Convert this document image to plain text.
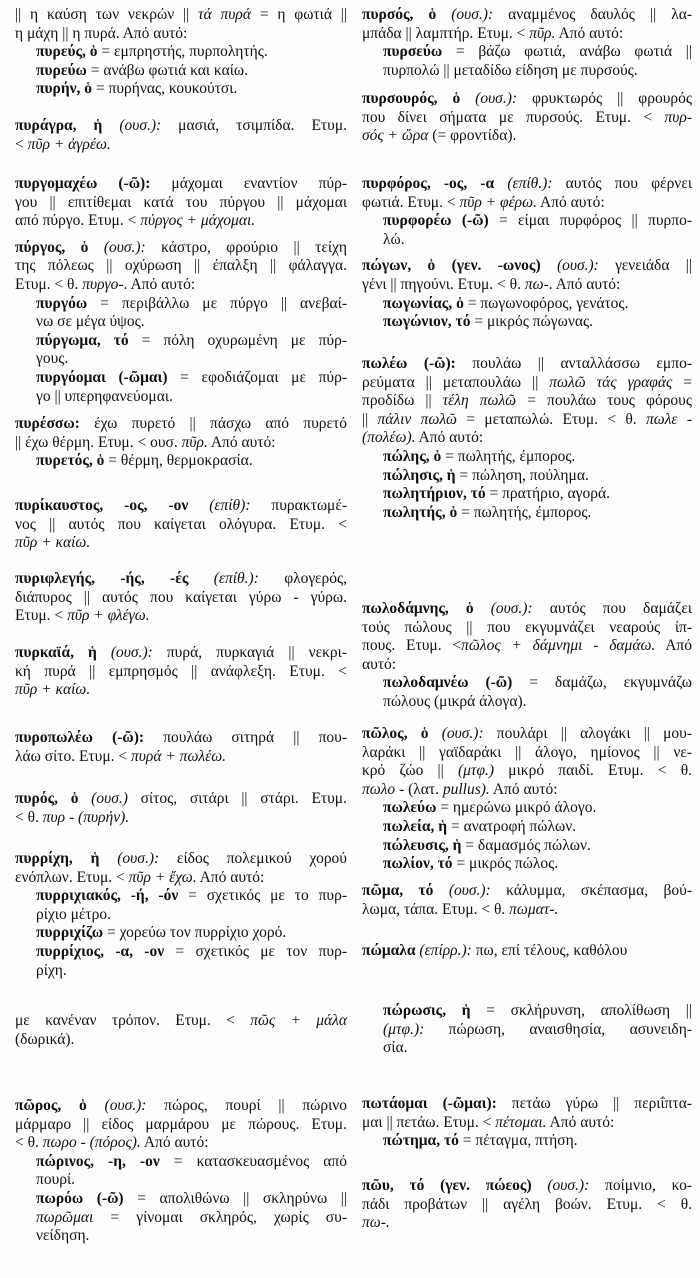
|| η καύση των νεκρών || τά πυρά = η φωτιά ||
η μάχη || η πυρά. Από αυτό:
πυρεύς, ὁ = εμπρηστής, πυρπολητής.
πυρεύω = ανάβω φωτιά και καίω.
πυρήν, ὁ = πυρήνας, κουκούτσι.
πυράγρα, ἡ (ουσ.): μασιά, τσιμπίδα. Ετυμ.
< πῦρ + ἀγρέω.
πυργομαχέω (-ῶ): μάχομαι εναντίον πύρ-
γου || επιτίθεμαι κατά του πύργου || μάχομαι
από πύργο. Ετυμ. < πύργος + μάχομαι.
πύργος, ὁ (ουσ.): κάστρο, φρούριο || τείχη
της πόλεως || οχύρωση || έπαλξη || φάλαγγα.
Ετυμ. < θ. πυργο-. Από αυτό:
πυργόω = περιβάλλω με πύργο || ανεβαί-
νω σε μέγα ύψος.
πύργωμα, τό = πόλη οχυρωμένη με πύρ-
γους.
πυργόομαι (-ῶμαι) = εφοδιάζομαι με πύρ-
γο || υπερηφανεύομαι.
πυρέσσω: έχω πυρετό || πάσχω από πυρετό
|| έχω θέρμη. Ετυμ. < ουσ. πῦρ. Από αυτό:
πυρετός, ὁ = θέρμη, θερμοκρασία.
πυρίκαυστος, -ος, -ον (επίθ): πυρακτωμέ-
νος || αυτός που καίγεται ολόγυρα. Ετυμ. <
πῦρ + καίω.
πυριφλεγής, -ής, -ές (επίθ.): φλογερός,
διάπυρος || αυτός που καίγεται γύρω - γύρω.
Ετυμ. < πῦρ + φλέγω.
πυρκαϊά, ἡ (ουσ.): πυρά, πυρκαγιά || νεκρι-
κή πυρά || εμπρησμός || ανάφλεξη. Ετυμ. <
πῦρ + καίω.
πυροπωλέω (-ῶ): πουλάω σιτηρά || που-
λάω σίτο. Ετυμ. < πυρά + πωλέω.
πυρός, ὁ (ουσ.) σίτος, σιτάρι || στάρι. Ετυμ.
< θ. πυρ - (πυρήν).
πυρρίχη, ἡ (ουσ.): είδος πολεμικού χορού
ενόπλων. Ετυμ. < πῦρ + ἔχω. Από αυτό:
πυρριχιακός, -ή, -όν = σχετικός με το πυρ-
ρίχιο μέτρο.
πυρριχίζω = χορεύω τον πυρρίχιο χορό.
πυρρίχιος, -α, -ον = σχετικός με τον πυρ-
ρίχη.
με κανέναν τρόπον. Ετυμ. < πῶς + μάλα
(δωρικά).
πῶρος, ὁ (ουσ.): πώρος, πουρί || πώρινο
μάρμαρο || είδος μαρμάρου με πώρους. Ετυμ.
< θ. πωρο - (πόρος). Από αυτό:
πώρινος, -η, -ον = κατασκευασμένος από
πουρί.
πωρόω (-ῶ) = απολιθώνω || σκληρύνω ||
πωρῶμαι = γίνομαι σκληρός, χωρίς συ-
νείδηση.
πυρσός, ὁ (ουσ.): αναμμένος δαυλός || λα-
μπάδα || λαμπτήρ. Ετυμ. < πῦρ. Από αυτό:
πυρσεύω = βάζω φωτιά, ανάβω φωτιά ||
πυρπολώ || μεταδίδω είδηση με πυρσούς.
πυρσουρός, ὁ (ουσ.): φρυκτωρός || φρουρός
που δίνει σήματα με πυρσούς. Ετυμ. < πυρ-
σός + ὤρα (= φροντίδα).
πυρφόρος, -ος, -α (επίθ.): αυτός που φέρνει
φωτιά. Ετυμ. < πῦρ + φέρω. Από αυτό:
πυρφορέω (-ῶ) = είμαι πυρφόρος || πυρπο-
λώ.
πώγων, ὁ (γεν. -ωνος) (ουσ.): γενειάδα ||
γένι || πηγούνι. Ετυμ. < θ. πω-. Από αυτό:
πωγωνίας, ὁ = πωγωνοφόρος, γενάτος.
πωγώνιον, τό = μικρός πώγωνας.
πωλέω (-ῶ): πουλάω || ανταλλάσσω εμπο-
ρεύματα || μεταπουλάω || πωλῶ τάς γραφάς =
προδίδω || τέλη πωλῶ = πουλάω τους φόρους
|| πάλιν πωλῶ = μεταπωλώ. Ετυμ. < θ. πωλε -
(πολέω). Από αυτό:
πώλης, ὁ = πωλητής, έμπορος.
πώλησις, ἡ = πώληση, πούλημα.
πωλητήριον, τό = πρατήριο, αγορά.
πωλητής, ὁ = πωλητής, έμπορος.
πωλοδάμνης, ὁ (ουσ.): αυτός που δαμάζει
τούς πώλους || που εκγυμνάζει νεαρούς ίπ-
πους. Ετυμ. <πῶλος + δάμνημι - δαμάω. Από
αυτό:
πωλοδαμνέω (-ῶ) = δαμάζω, εκγυμνάζω
πώλους (μικρά άλογα).
πῶλος, ὁ (ουσ.): πουλάρι || αλογάκι || μου-
λαράκι || γαϊδαράκι || άλογο, ημίονος || νε-
κρό ζώο || (μτφ.) μικρό παιδί. Ετυμ. < θ.
πωλο - (λατ. pullus). Από αυτό:
πωλεύω = ημερώνω μικρό άλογο.
πωλεία, ἡ = ανατροφή πώλων.
πώλευσις, ἡ = δαμασμός πώλων.
πωλίον, τό = μικρός πώλος.
πῶμα, τό (ουσ.): κάλυμμα, σκέπασμα, βού-
λωμα, τάπα. Ετυμ. < θ. πωματ-.
πώμαλα (επίρρ.): πω, επί τέλους, καθόλου
πώρωσις, ἡ = σκλήρυνση, απολίθωση ||
(μτφ.): πώρωση, αναισθησία, ασυνειδη-
σία.
πωτάομαι (-ῶμαι): πετάω γύρω || περιΐπτα-
μαι || πετάω. Ετυμ. < πέτομαι. Από αυτό:
πώτημα, τό = πέταγμα, πτήση.
πῶυ, τό (γεν. πώεος) (ουσ.): ποίμνιο, κο-
πάδι προβάτων || αγέλη βοών. Ετυμ. < θ.
πω-.
